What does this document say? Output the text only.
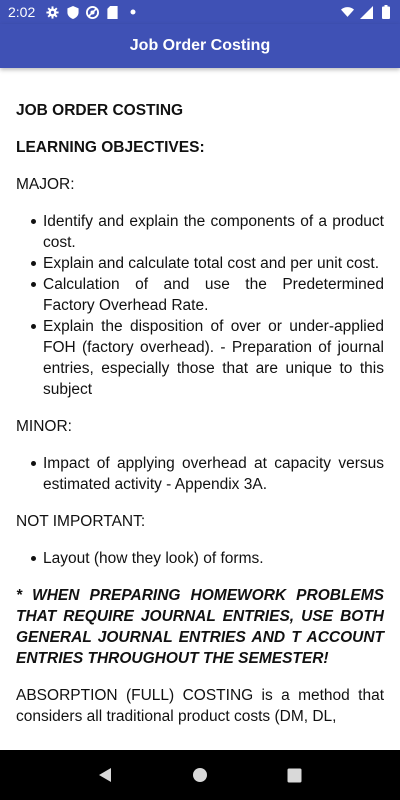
2:02
Job Order Costing

JOB ORDER COSTING

LEARNING OBJECTIVES:

MAJOR:

Identify and explain the components of a product cost.
Explain and calculate total cost and per unit cost.
Calculation of and use the Predetermined Factory Overhead Rate.
Explain the disposition of over or under-applied FOH (factory overhead). - Preparation of journal entries, especially those that are unique to this subject

MINOR:

Impact of applying overhead at capacity versus estimated activity - Appendix 3A.

NOT IMPORTANT:

Layout (how they look) of forms.

* WHEN PREPARING HOMEWORK PROBLEMS THAT REQUIRE JOURNAL ENTRIES, USE BOTH GENERAL JOURNAL ENTRIES AND T ACCOUNT ENTRIES THROUGHOUT THE SEMESTER!

ABSORPTION (FULL) COSTING is a method that considers all traditional product costs (DM, DL,
